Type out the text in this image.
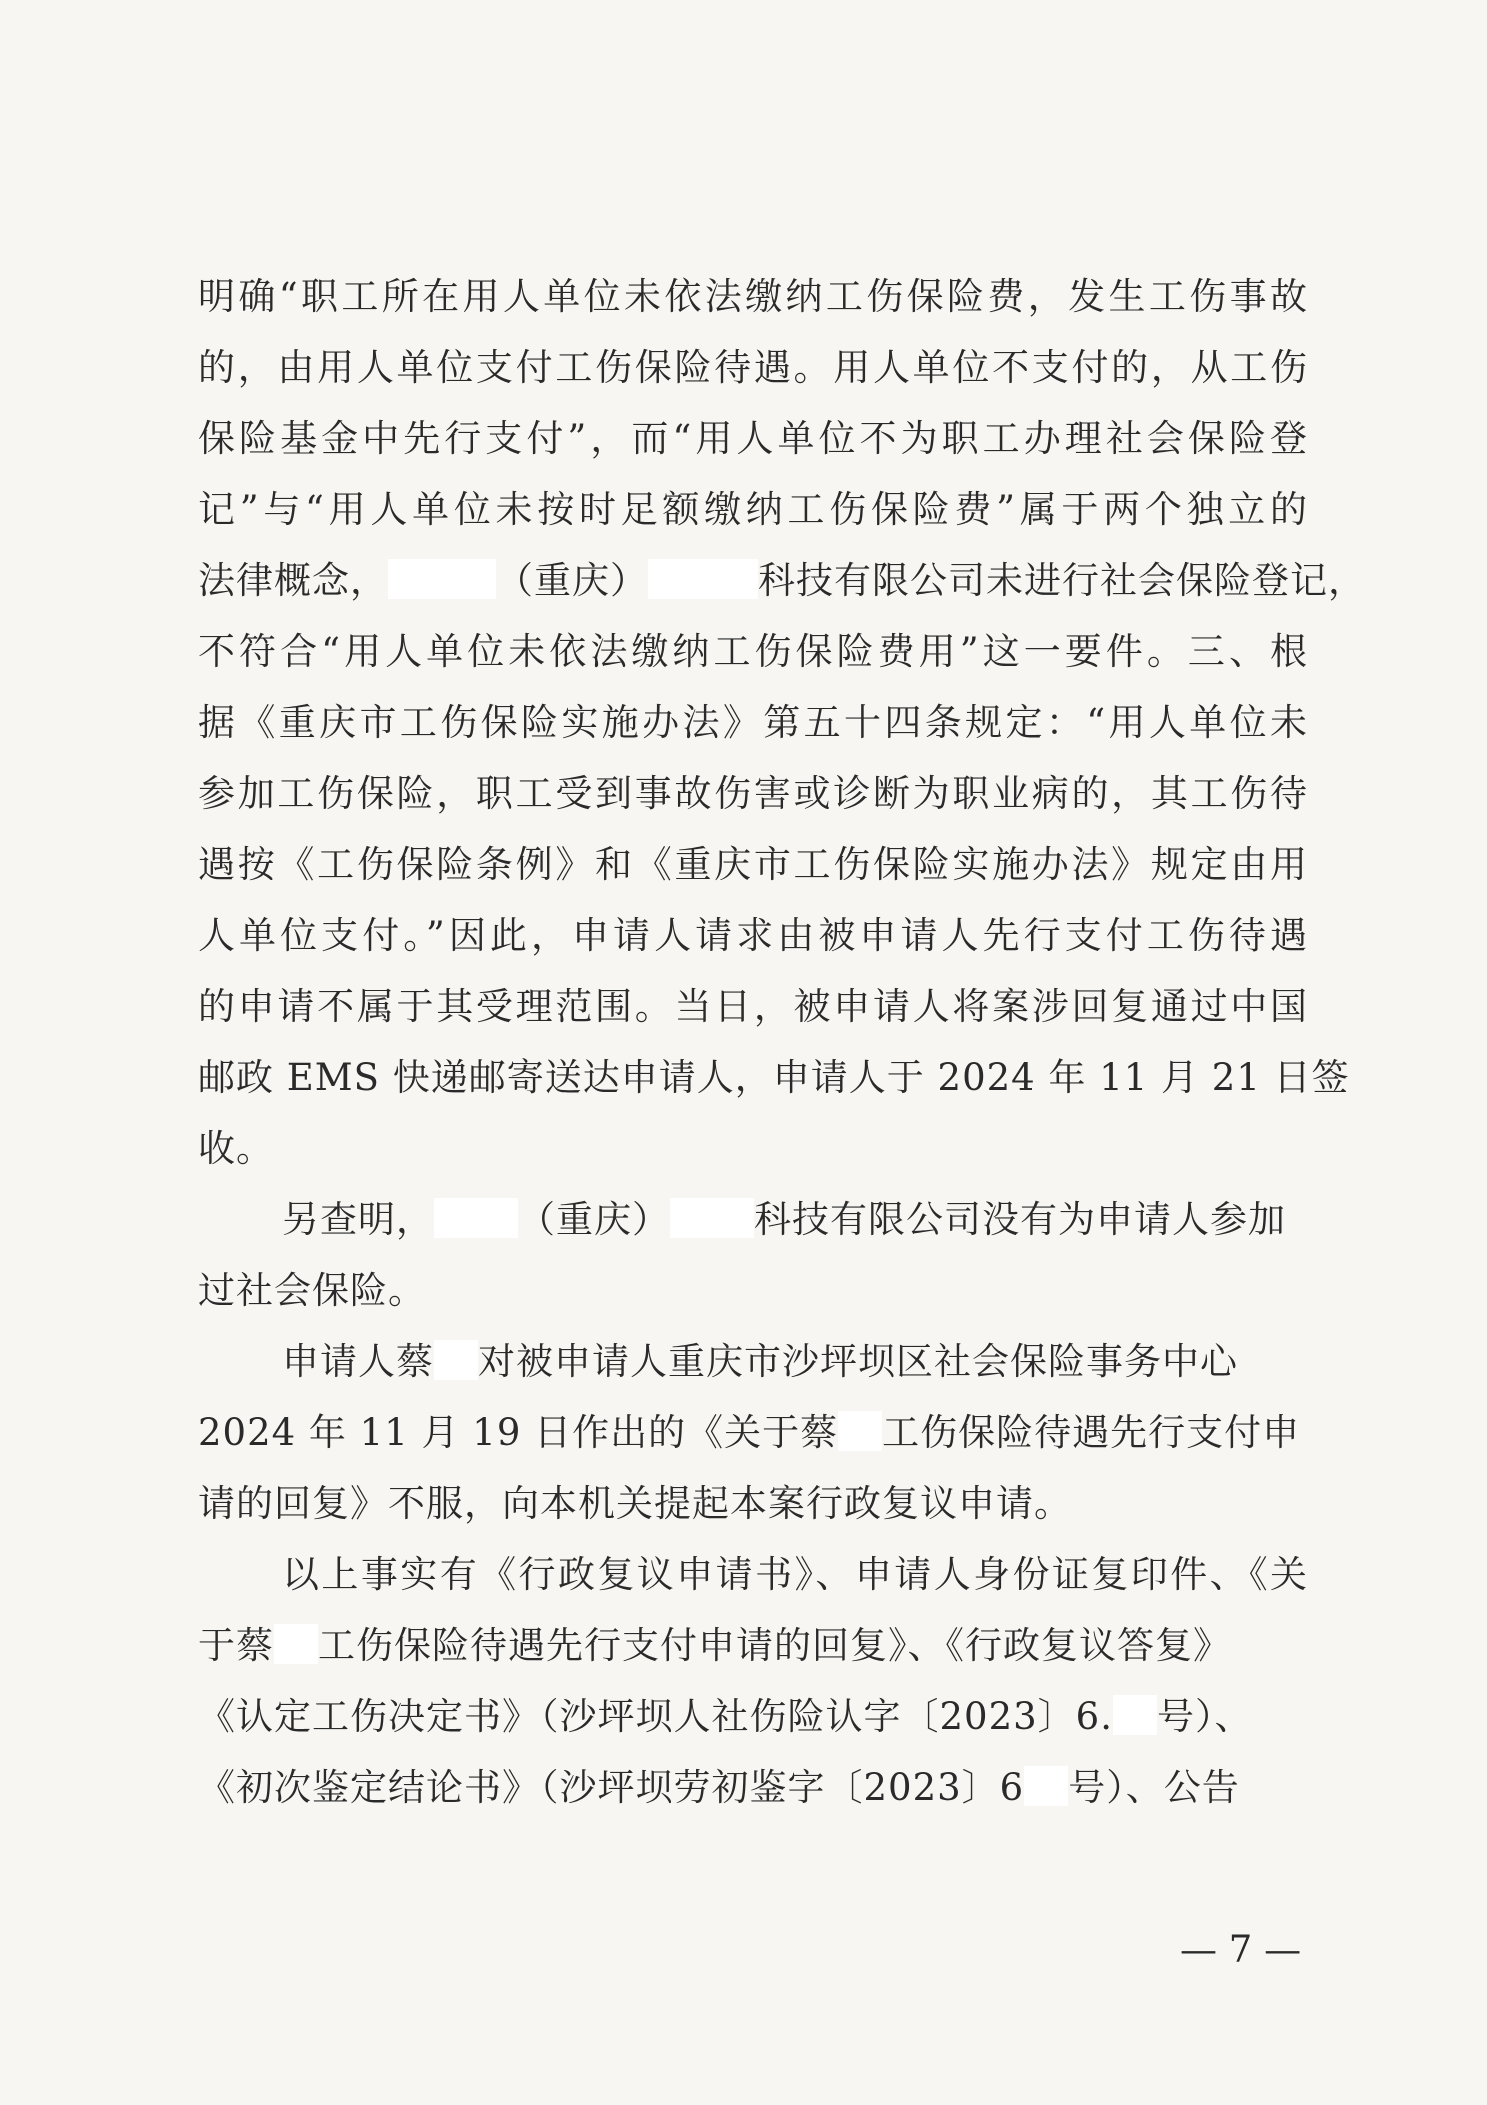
明确“职工所在用人单位未依法缴纳工伤保险费，发生工伤事故
的，由用人单位支付工伤保险待遇。用人单位不支付的，从工伤
保险基金中先行支付”，而“用人单位不为职工办理社会保险登
记”与“用人单位未按时足额缴纳工伤保险费”属于两个独立的
法律概念，	（重庆）	科技有限公司未进行社会保险登记，
不符合“用人单位未依法缴纳工伤保险费用”这一要件。三、根
据《重庆市工伤保险实施办法》第五十四条规定：“用人单位未
参加工伤保险，职工受到事故伤害或诊断为职业病的，其工伤待
遇按《工伤保险条例》和《重庆市工伤保险实施办法》规定由用
人单位支付。”因此，申请人请求由被申请人先行支付工伤待遇
的申请不属于其受理范围。当日，被申请人将案涉回复通过中国
邮政 EMS 快递邮寄送达申请人，申请人于 2024 年 11 月 21 日签
收。
另查明， （重庆） 科技有限公司没有为申请人参加
过社会保险。
申请人蔡 对被申请人重庆市沙坪坝区社会保险事务中心
2024 年 11 月 19 日作出的《关于蔡 工伤保险待遇先行支付申
请的回复》不服，向本机关提起本案行政复议申请。
以上事实有《行政复议申请书》、申请人身份证复印件、《关
于蔡 工伤保险待遇先行支付申请的回复》、《行政复议答复》
《认定工伤决定书》（沙坪坝人社伤险认字〔2023〕6. 号）、
《初次鉴定结论书》（沙坪坝劳初鉴字〔2023〕6 号）、公告
— 7 —
